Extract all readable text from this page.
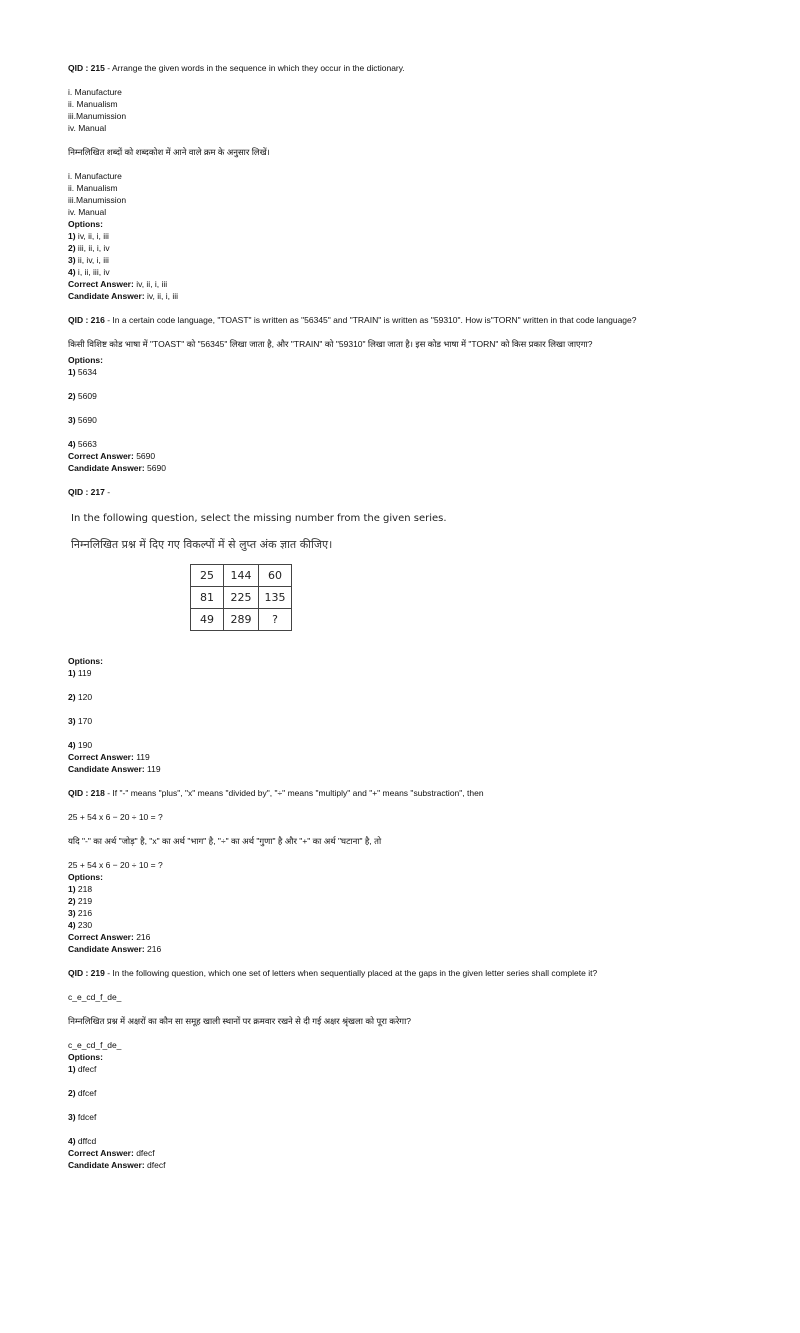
QID : 215 - Arrange the given words in the sequence in which they occur in the dictionary.

i. Manufacture

ii. Manualism

iii.Manumission

iv. Manual

निम्नलिखित शब्दों को शब्दकोश में आने वाले क्रम के अनुसार लिखें।

i. Manufacture

ii. Manualism

iii.Manumission

iv. Manual

Options:

1) iv, ii, i, iii

2) iii, ii, i, iv

3) ii, iv, i, iii

4) i, ii, iii, iv

Correct Answer: iv, ii, i, iii

Candidate Answer: iv, ii, i, iii

QID : 216 - In a certain code language, "TOAST" is written as "56345" and "TRAIN" is written as "59310". How is"TORN" written in that code language?

किसी विशिष्ट कोड भाषा में "TOAST" को "56345" लिखा जाता है, और "TRAIN" को "59310" लिखा जाता है। इस कोड भाषा में "TORN" को किस प्रकार लिखा जाएगा?

Options:

1) 5634

2) 5609

3) 5690

4) 5663

Correct Answer: 5690

Candidate Answer: 5690

QID : 217 -

In the following question, select the missing number from the given series.

निम्नलिखित प्रश्न में दिए गए विकल्पों में से लुप्त अंक ज्ञात कीजिए।

25	144	60
81	225	135
49	289	?

Options:

1) 119

2) 120

3) 170

4) 190

Correct Answer: 119

Candidate Answer: 119

QID : 218 - If "-" means "plus", "x" means "divided by", "÷" means "multiply" and "+" means "substraction", then

25 + 54 x 6 − 20 ÷ 10 = ?

यदि "-" का अर्थ "जोड़" है, "x" का अर्थ "भाग" है, "÷" का अर्थ "गुणा" है और "+" का अर्थ "घटाना" है, तो

25 + 54 x 6 − 20 ÷ 10 = ?

Options:

1) 218

2) 219

3) 216

4) 230

Correct Answer: 216

Candidate Answer: 216

QID : 219 - In the following question, which one set of letters when sequentially placed at the gaps in the given letter series shall complete it?

c_e_cd_f_de_

निम्नलिखित प्रश्न में अक्षरों का कौन सा समूह खाली स्थानों पर क्रमवार रखने से दी गई अक्षर श्रृंखला को पूरा करेगा?

c_e_cd_f_de_

Options:

1) dfecf

2) dfcef

3) fdcef

4) dffcd

Correct Answer: dfecf

Candidate Answer: dfecf
